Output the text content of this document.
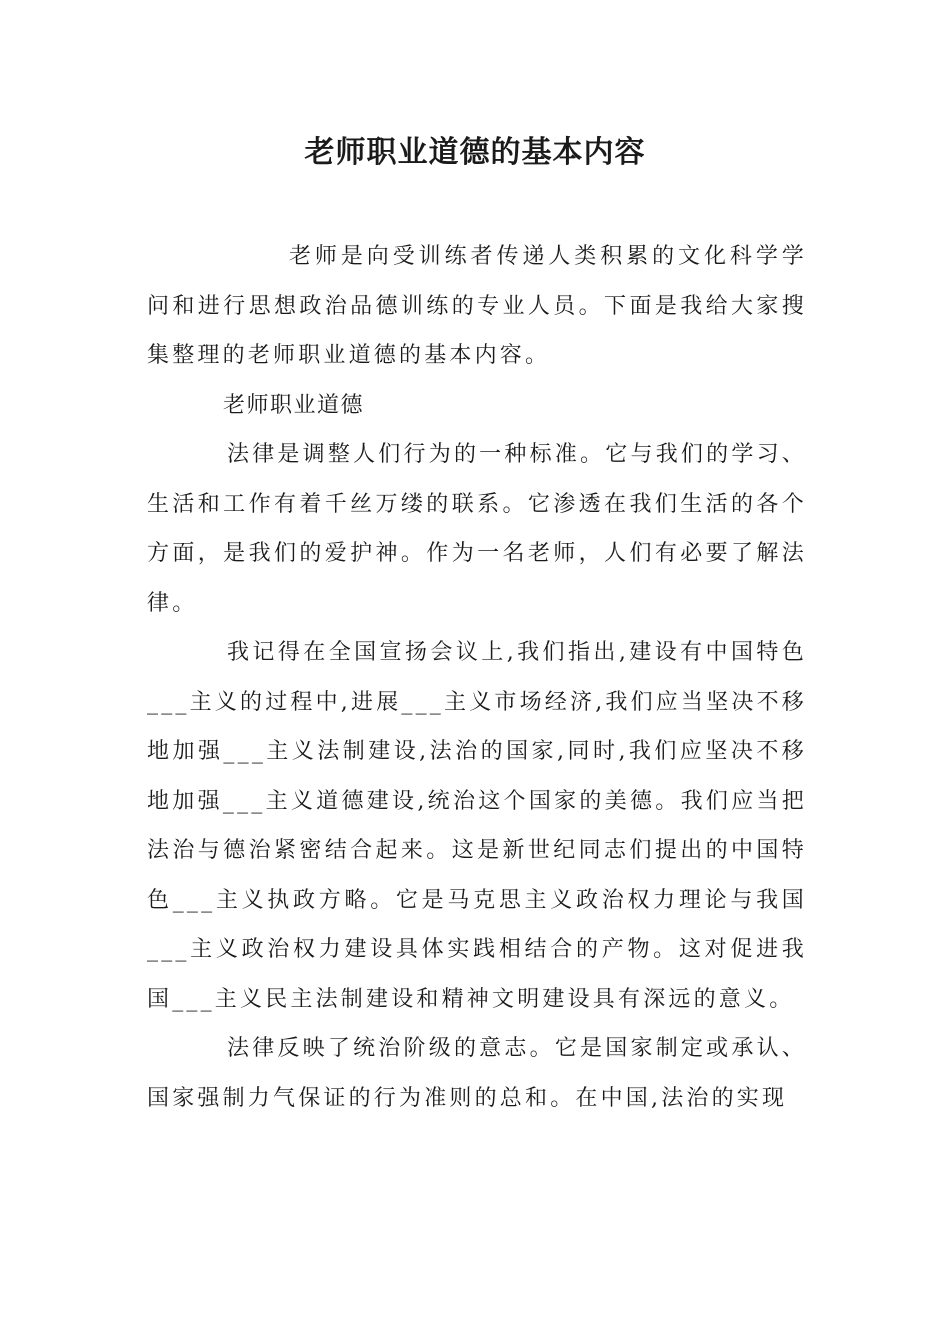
老师职业道德的基本内容

老师是向受训练者传递人类积累的文化科学学问和进行思想政治品德训练的专业人员。下面是我给大家搜集整理的老师职业道德的基本内容。

老师职业道德

法律是调整人们行为的一种标准。它与我们的学习、生活和工作有着千丝万缕的联系。它渗透在我们生活的各个方面，是我们的爱护神。作为一名老师，人们有必要了解法律。

我记得在全国宣扬会议上,我们指出,建设有中国特色___主义的过程中,进展___主义市场经济,我们应当坚决不移地加强___主义法制建设,法治的国家,同时,我们应坚决不移地加强___主义道德建设,统治这个国家的美德。我们应当把法治与德治紧密结合起来。这是新世纪同志们提出的中国特色___主义执政方略。它是马克思主义政治权力理论与我国___主义政治权力建设具体实践相结合的产物。这对促进我国___主义民主法制建设和精神文明建设具有深远的意义。

法律反映了统治阶级的意志。它是国家制定或承认、国家强制力气保证的行为准则的总和。在中国,法治的实现
